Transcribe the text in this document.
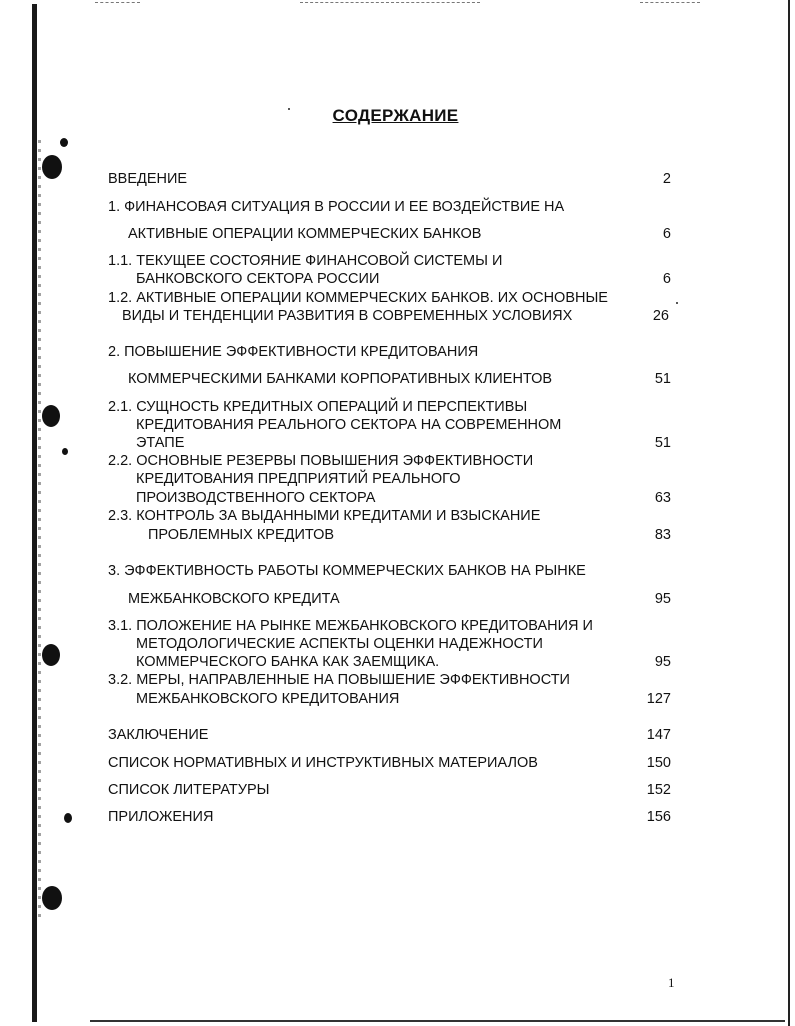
СОДЕРЖАНИЕ
ВВЕДЕНИЕ	2
1. ФИНАНСОВАЯ СИТУАЦИЯ В РОССИИ И ЕЕ ВОЗДЕЙСТВИЕ НА
АКТИВНЫЕ ОПЕРАЦИИ КОММЕРЧЕСКИХ БАНКОВ	6
1.1. ТЕКУЩЕЕ СОСТОЯНИЕ ФИНАНСОВОЙ СИСТЕМЫ И
БАНКОВСКОГО СЕКТОРА РОССИИ	6
1.2. АКТИВНЫЕ ОПЕРАЦИИ КОММЕРЧЕСКИХ БАНКОВ. ИХ ОСНОВНЫЕ
ВИДЫ И ТЕНДЕНЦИИ РАЗВИТИЯ В СОВРЕМЕННЫХ УСЛОВИЯХ	26
2. ПОВЫШЕНИЕ ЭФФЕКТИВНОСТИ КРЕДИТОВАНИЯ
КОММЕРЧЕСКИМИ БАНКАМИ КОРПОРАТИВНЫХ КЛИЕНТОВ	51
2.1. СУЩНОСТЬ КРЕДИТНЫХ ОПЕРАЦИЙ И ПЕРСПЕКТИВЫ
КРЕДИТОВАНИЯ РЕАЛЬНОГО СЕКТОРА НА СОВРЕМЕННОМ
ЭТАПЕ	51
2.2. ОСНОВНЫЕ РЕЗЕРВЫ ПОВЫШЕНИЯ ЭФФЕКТИВНОСТИ
КРЕДИТОВАНИЯ ПРЕДПРИЯТИЙ РЕАЛЬНОГО
ПРОИЗВОДСТВЕННОГО СЕКТОРА	63
2.3. КОНТРОЛЬ ЗА ВЫДАННЫМИ КРЕДИТАМИ И ВЗЫСКАНИЕ
ПРОБЛЕМНЫХ КРЕДИТОВ	83
3. ЭФФЕКТИВНОСТЬ РАБОТЫ КОММЕРЧЕСКИХ БАНКОВ НА РЫНКЕ
МЕЖБАНКОВСКОГО КРЕДИТА	95
3.1. ПОЛОЖЕНИЕ НА РЫНКЕ МЕЖБАНКОВСКОГО КРЕДИТОВАНИЯ И
МЕТОДОЛОГИЧЕСКИЕ АСПЕКТЫ ОЦЕНКИ НАДЕЖНОСТИ
КОММЕРЧЕСКОГО БАНКА КАК ЗАЕМЩИКА.	95
3.2. МЕРЫ, НАПРАВЛЕННЫЕ НА ПОВЫШЕНИЕ ЭФФЕКТИВНОСТИ
МЕЖБАНКОВСКОГО КРЕДИТОВАНИЯ	127
ЗАКЛЮЧЕНИЕ	147
СПИСОК НОРМАТИВНЫХ И ИНСТРУКТИВНЫХ МАТЕРИАЛОВ	150
СПИСОК ЛИТЕРАТУРЫ	152
ПРИЛОЖЕНИЯ	156
1
